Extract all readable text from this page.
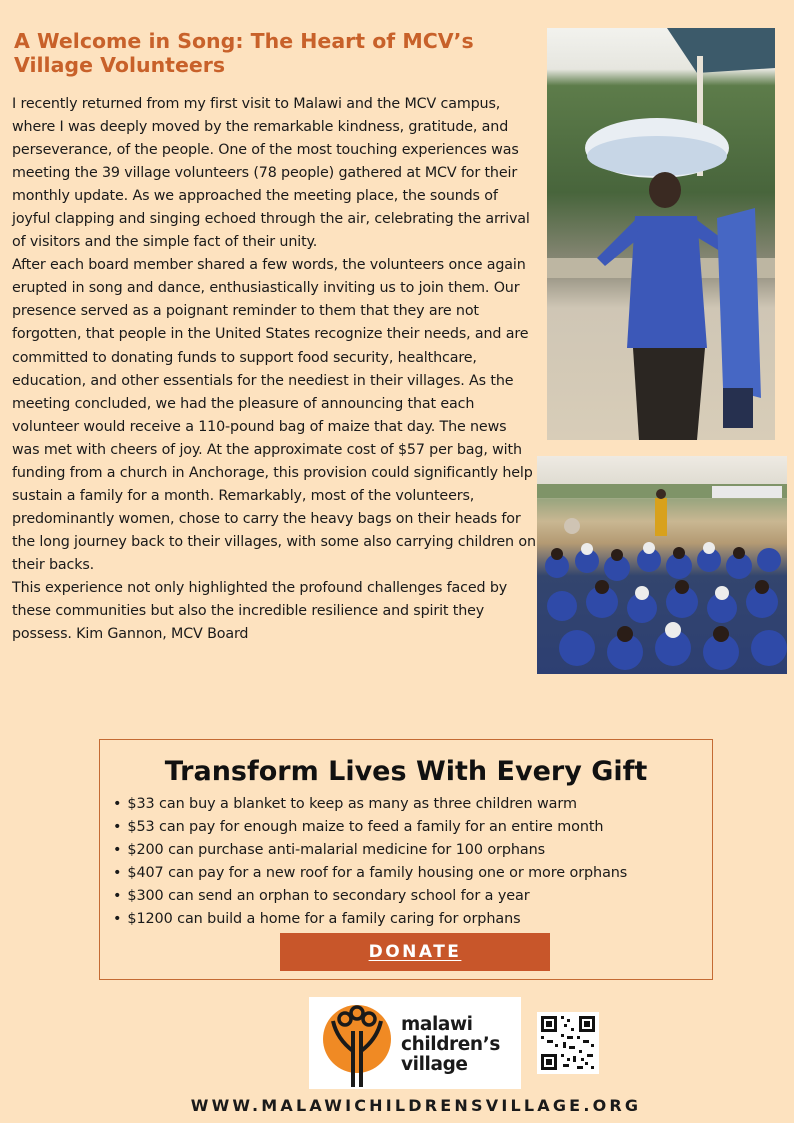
A Welcome in Song: The Heart of MCV’s Village Volunteers

I recently returned from my first visit to Malawi and the MCV campus, where I was deeply moved by the remarkable kindness, gratitude, and perseverance, of the people. One of the most touching experiences was meeting the 39 village volunteers (78 people) gathered at MCV for their monthly update. As we approached the meeting place, the sounds of joyful clapping and singing echoed through the air, celebrating the arrival of visitors and the simple fact of their unity.

After each board member shared a few words, the volunteers once again erupted in song and dance, enthusiastically inviting us to join them. Our presence served as a poignant reminder to them that they are not forgotten, that people in the United States recognize their needs, and are committed to donating funds to support food security, healthcare, education, and other essentials for the neediest in their villages. As the meeting concluded, we had the pleasure of announcing that each volunteer would receive a 110-pound bag of maize that day. The news was met with cheers of joy. At the approximate cost of $57 per bag, with funding from a church in Anchorage, this provision could significantly help sustain a family for a month. Remarkably, most of the volunteers, predominantly women, chose to carry the heavy bags on their heads for the long journey back to their villages, with some also carrying children on their backs.

This experience not only highlighted the profound challenges faced by these communities but also the incredible resilience and spirit they possess. Kim Gannon, MCV Board

Transform Lives With Every Gift
• $33 can buy a blanket to keep as many as three children warm
• $53 can pay for enough maize to feed a family for an entire month
• $200 can purchase anti-malarial medicine for 100 orphans
• $407 can pay for a new roof for a family housing one or more orphans
• $300 can send an orphan to secondary school for a year
• $1200 can build a home for a family caring for orphans
DONATE
malawi
children’s
village

WWW.MALAWICHILDRENSVILLAGE.ORG
